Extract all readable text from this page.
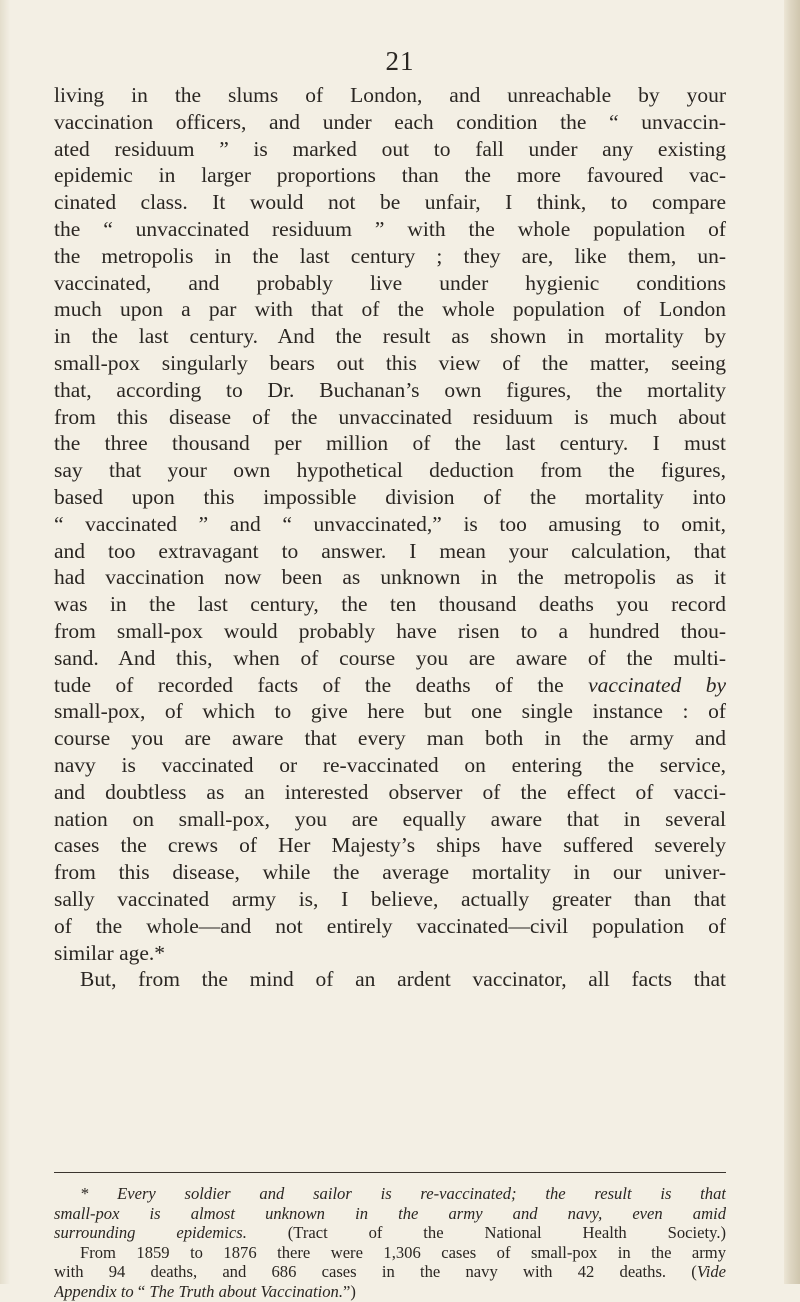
21
living in the slums of London, and unreachable by your
vaccination officers, and under each condition the “ unvaccin-
ated residuum ” is marked out to fall under any existing
epidemic in larger proportions than the more favoured vac-
cinated class. It would not be unfair, I think, to compare
the “ unvaccinated residuum ” with the whole population of
the metropolis in the last century ; they are, like them, un-
vaccinated, and probably live under hygienic conditions
much upon a par with that of the whole population of London
in the last century. And the result as shown in mortality by
small-pox singularly bears out this view of the matter, seeing
that, according to Dr. Buchanan’s own figures, the mortality
from this disease of the unvaccinated residuum is much about
the three thousand per million of the last century. I must
say that your own hypothetical deduction from the figures,
based upon this impossible division of the mortality into
“ vaccinated ” and “ unvaccinated,” is too amusing to omit,
and too extravagant to answer. I mean your calculation, that
had vaccination now been as unknown in the metropolis as it
was in the last century, the ten thousand deaths you record
from small-pox would probably have risen to a hundred thou-
sand. And this, when of course you are aware of the multi-
tude of recorded facts of the deaths of the vaccinated by
small-pox, of which to give here but one single instance : of
course you are aware that every man both in the army and
navy is vaccinated or re-vaccinated on entering the service,
and doubtless as an interested observer of the effect of vacci-
nation on small-pox, you are equally aware that in several
cases the crews of Her Majesty’s ships have suffered severely
from this disease, while the average mortality in our univer-
sally vaccinated army is, I believe, actually greater than that
of the whole—and not entirely vaccinated—civil population of
similar age.*
But, from the mind of an ardent vaccinator, all facts that
* Every soldier and sailor is re-vaccinated; the result is that
small-pox is almost unknown in the army and navy, even amid
surrounding epidemics. (Tract of the National Health Society.)
From 1859 to 1876 there were 1,306 cases of small-pox in the army
with 94 deaths, and 686 cases in the navy with 42 deaths. (Vide
Appendix to “ The Truth about Vaccination.”)
